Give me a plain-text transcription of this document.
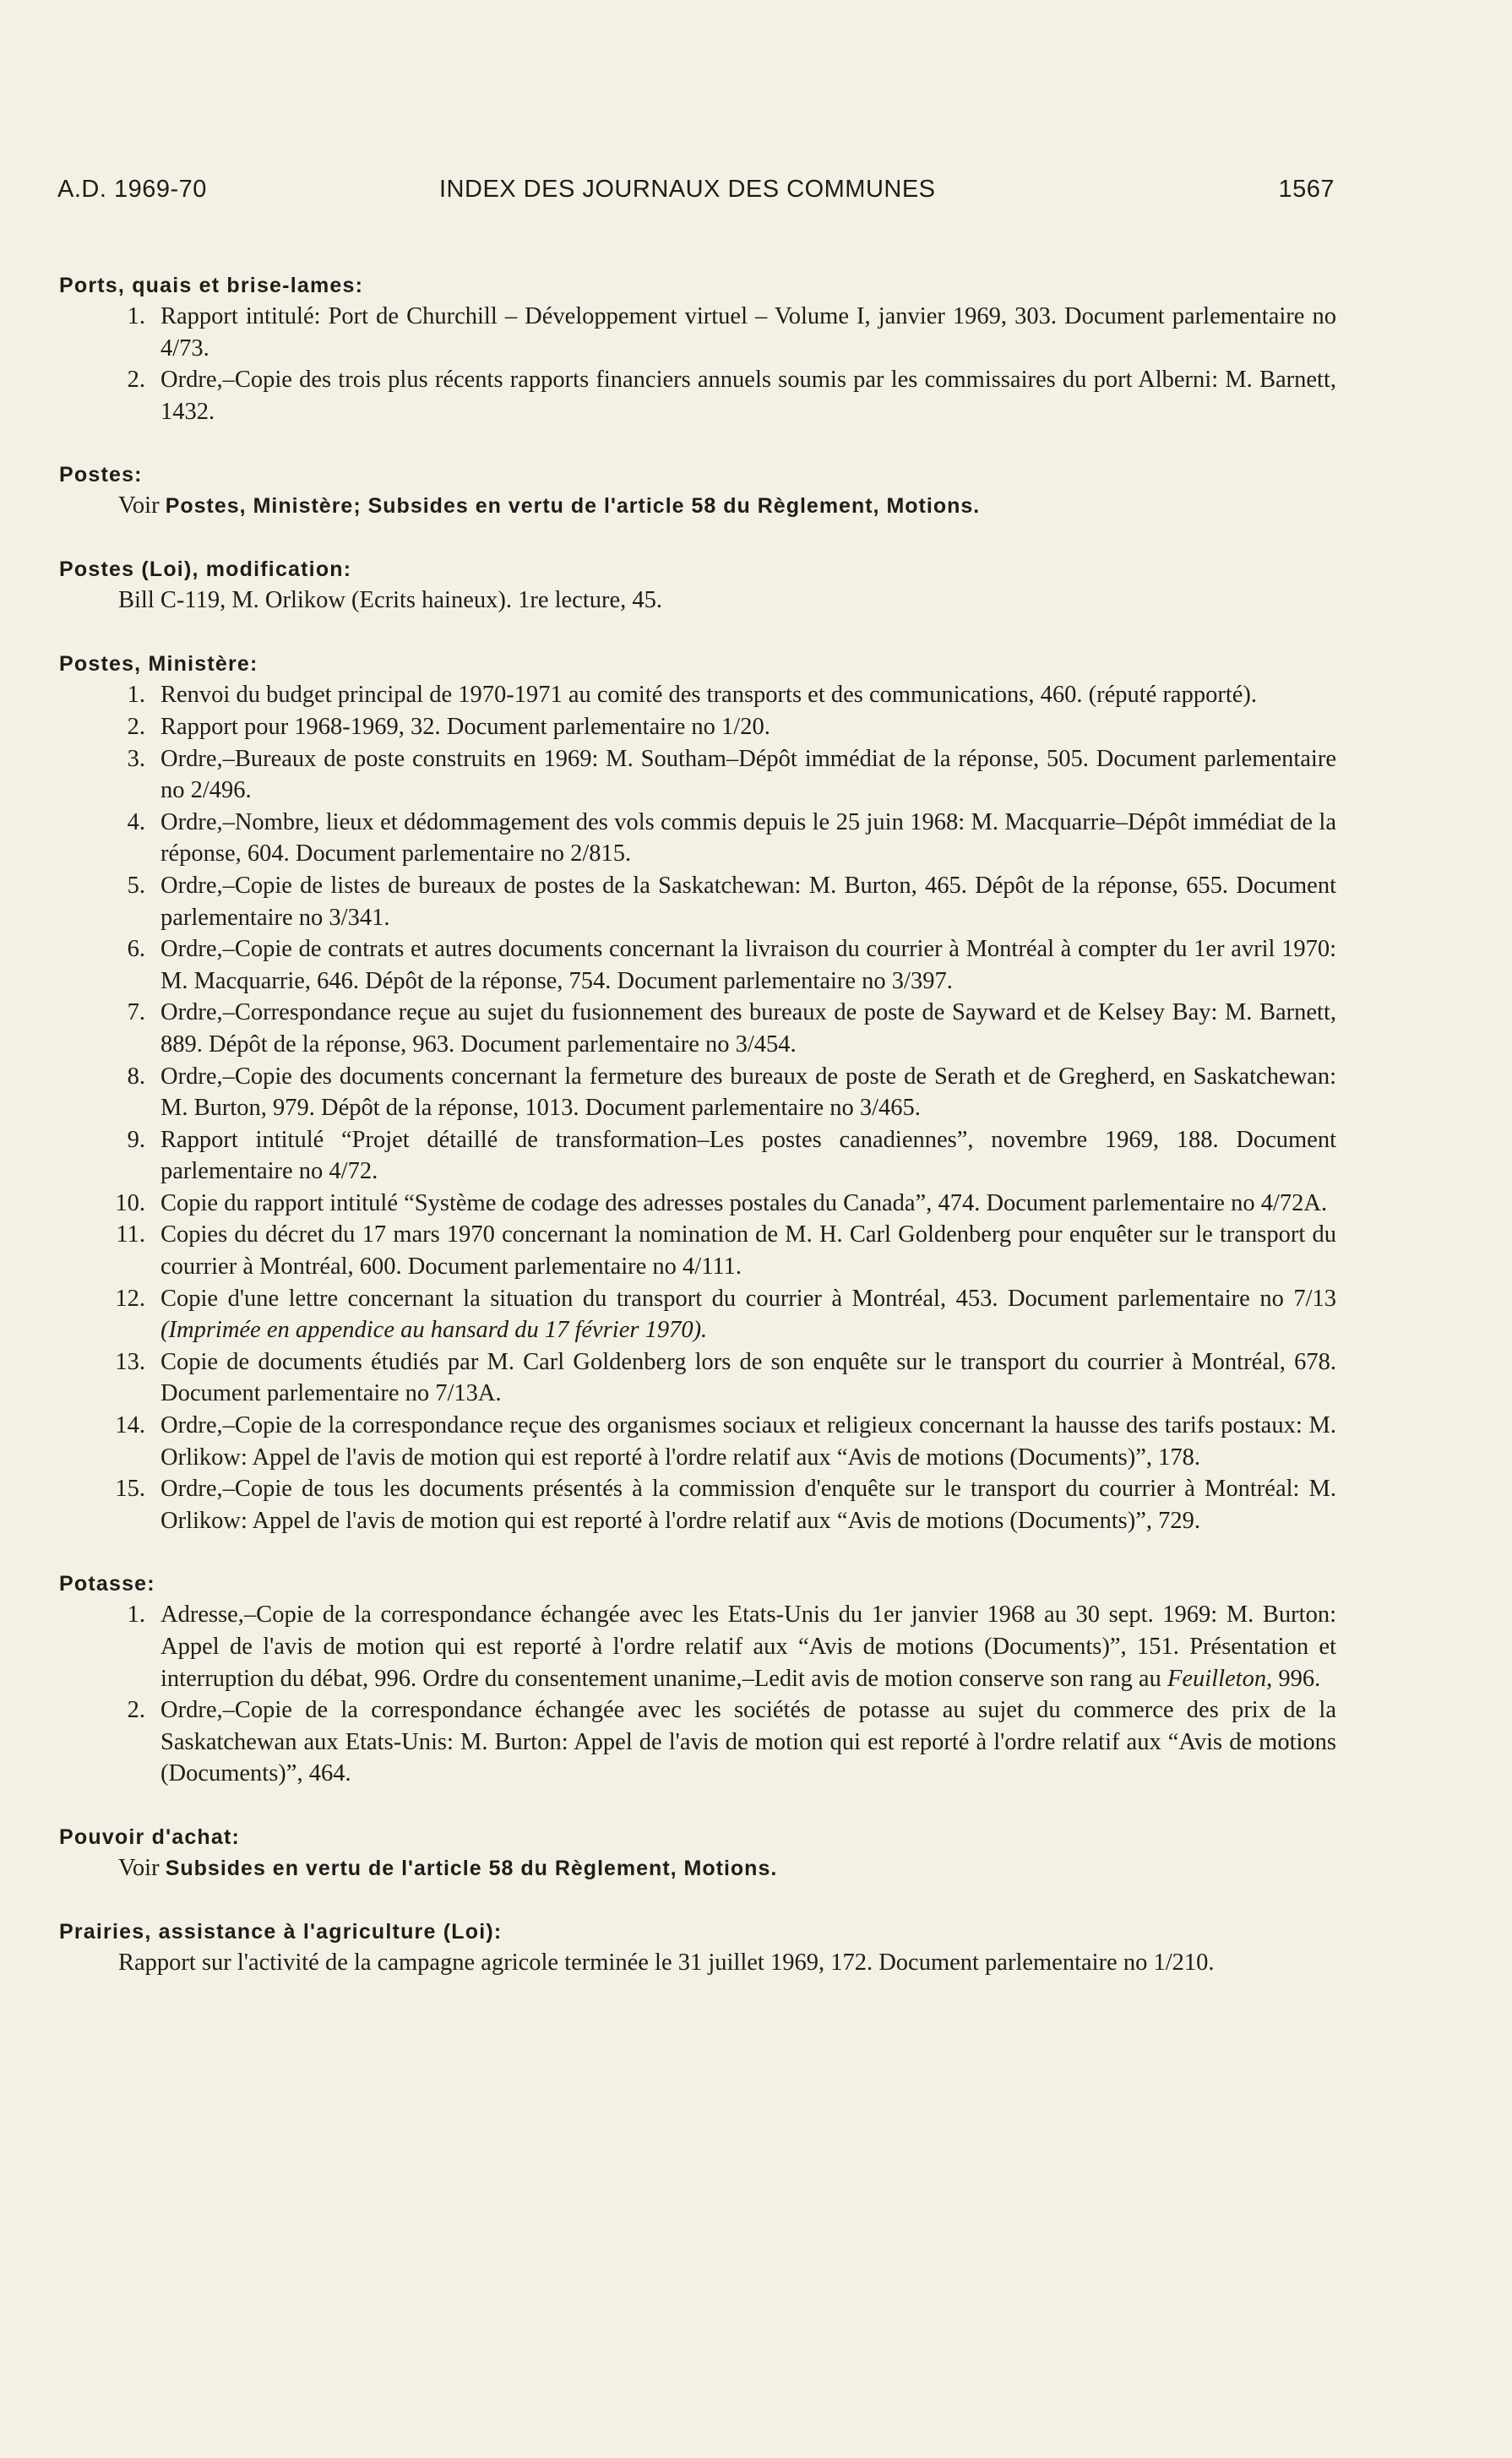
A.D. 1969-70	INDEX DES JOURNAUX DES COMMUNES	1567
Ports, quais et brise-lames:
1. Rapport intitulé: Port de Churchill – Développement virtuel – Volume I, janvier 1969, 303. Document parlementaire no 4/73.
2. Ordre,–Copie des trois plus récents rapports financiers annuels soumis par les commissaires du port Alberni: M. Barnett, 1432.
Postes:
Voir Postes, Ministère; Subsides en vertu de l'article 58 du Règlement, Motions.
Postes (Loi), modification:
Bill C-119, M. Orlikow (Ecrits haineux). 1re lecture, 45.
Postes, Ministère:
1. Renvoi du budget principal de 1970-1971 au comité des transports et des communications, 460. (réputé rapporté).
2. Rapport pour 1968-1969, 32. Document parlementaire no 1/20.
3. Ordre,–Bureaux de poste construits en 1969: M. Southam–Dépôt immédiat de la réponse, 505. Document parlementaire no 2/496.
4. Ordre,–Nombre, lieux et dédommagement des vols commis depuis le 25 juin 1968: M. Macquarrie–Dépôt immédiat de la réponse, 604. Document parlementaire no 2/815.
5. Ordre,–Copie de listes de bureaux de postes de la Saskatchewan: M. Burton, 465. Dépôt de la réponse, 655. Document parlementaire no 3/341.
6. Ordre,–Copie de contrats et autres documents concernant la livraison du courrier à Montréal à compter du 1er avril 1970: M. Macquarrie, 646. Dépôt de la réponse, 754. Document parlementaire no 3/397.
7. Ordre,–Correspondance reçue au sujet du fusionnement des bureaux de poste de Sayward et de Kelsey Bay: M. Barnett, 889. Dépôt de la réponse, 963. Document parlementaire no 3/454.
8. Ordre,–Copie des documents concernant la fermeture des bureaux de poste de Serath et de Gregherd, en Saskatchewan: M. Burton, 979. Dépôt de la réponse, 1013. Document parlementaire no 3/465.
9. Rapport intitulé “Projet détaillé de transformation–Les postes canadiennes”, novembre 1969, 188. Document parlementaire no 4/72.
10. Copie du rapport intitulé “Système de codage des adresses postales du Canada”, 474. Document parlementaire no 4/72A.
11. Copies du décret du 17 mars 1970 concernant la nomination de M. H. Carl Goldenberg pour enquêter sur le transport du courrier à Montréal, 600. Document parlementaire no 4/111.
12. Copie d'une lettre concernant la situation du transport du courrier à Montréal, 453. Document parlementaire no 7/13 (Imprimée en appendice au hansard du 17 février 1970).
13. Copie de documents étudiés par M. Carl Goldenberg lors de son enquête sur le transport du courrier à Montréal, 678. Document parlementaire no 7/13A.
14. Ordre,–Copie de la correspondance reçue des organismes sociaux et religieux concernant la hausse des tarifs postaux: M. Orlikow: Appel de l'avis de motion qui est reporté à l'ordre relatif aux “Avis de motions (Documents)”, 178.
15. Ordre,–Copie de tous les documents présentés à la commission d'enquête sur le transport du courrier à Montréal: M. Orlikow: Appel de l'avis de motion qui est reporté à l'ordre relatif aux “Avis de motions (Documents)”, 729.
Potasse:
1. Adresse,–Copie de la correspondance échangée avec les Etats-Unis du 1er janvier 1968 au 30 sept. 1969: M. Burton: Appel de l'avis de motion qui est reporté à l'ordre relatif aux “Avis de motions (Documents)”, 151. Présentation et interruption du débat, 996. Ordre du consentement unanime,–Ledit avis de motion conserve son rang au Feuilleton, 996.
2. Ordre,–Copie de la correspondance échangée avec les sociétés de potasse au sujet du commerce des prix de la Saskatchewan aux Etats-Unis: M. Burton: Appel de l'avis de motion qui est reporté à l'ordre relatif aux “Avis de motions (Documents)”, 464.
Pouvoir d'achat:
Voir Subsides en vertu de l'article 58 du Règlement, Motions.
Prairies, assistance à l'agriculture (Loi):
Rapport sur l'activité de la campagne agricole terminée le 31 juillet 1969, 172. Document parlementaire no 1/210.
